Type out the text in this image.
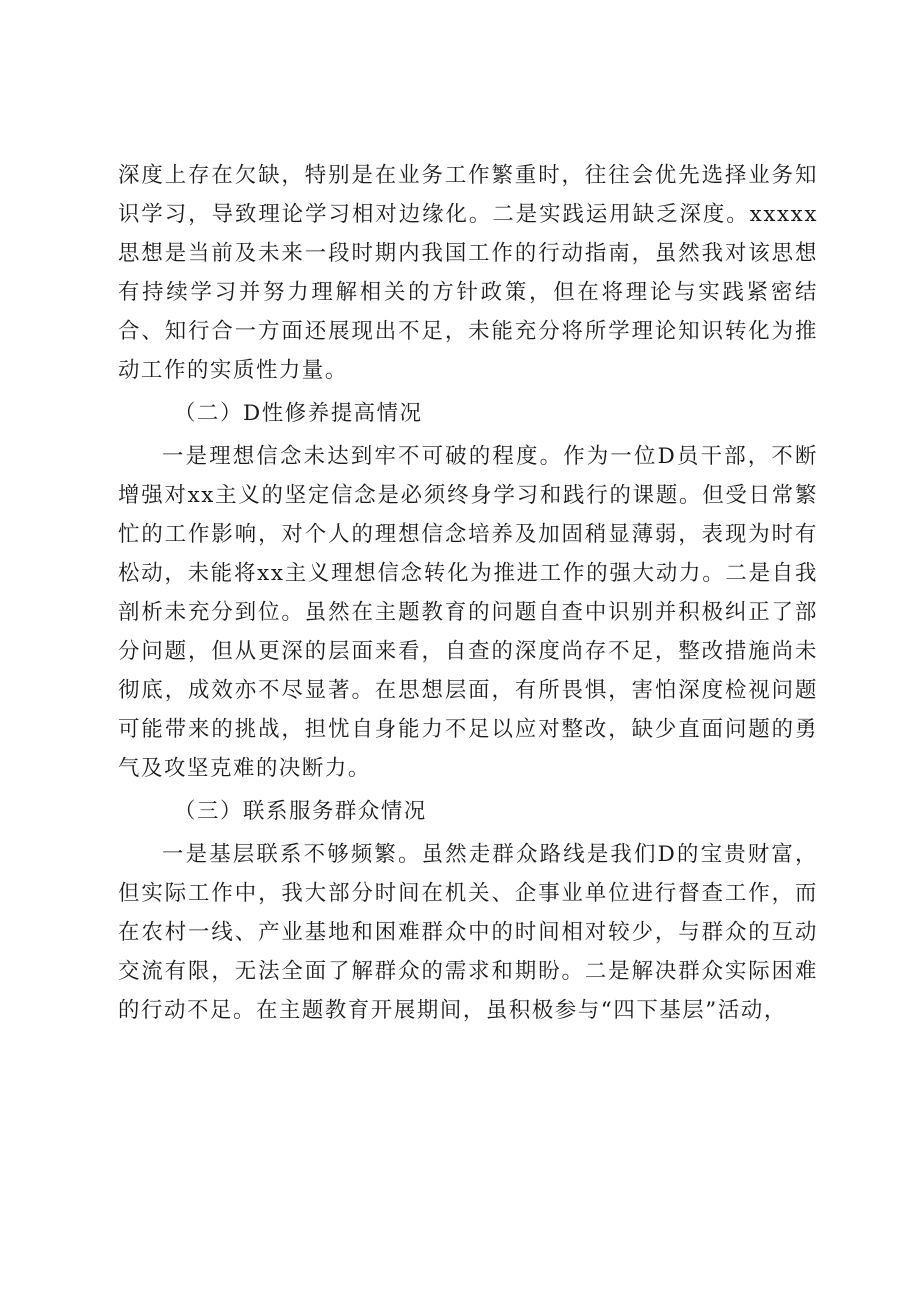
深度上存在欠缺，特别是在业务工作繁重时，往往会优先选择业务知识学习，导致理论学习相对边缘化。二是实践运用缺乏深度。xxxxx思想是当前及未来一段时期内我国工作的行动指南，虽然我对该思想有持续学习并努力理解相关的方针政策，但在将理论与实践紧密结合、知行合一方面还展现出不足，未能充分将所学理论知识转化为推动工作的实质性力量。

（二）D性修养提高情况

一是理想信念未达到牢不可破的程度。作为一位D员干部，不断增强对xx主义的坚定信念是必须终身学习和践行的课题。但受日常繁忙的工作影响，对个人的理想信念培养及加固稍显薄弱，表现为时有松动，未能将xx主义理想信念转化为推进工作的强大动力。二是自我剖析未充分到位。虽然在主题教育的问题自查中识别并积极纠正了部分问题，但从更深的层面来看，自查的深度尚存不足，整改措施尚未彻底，成效亦不尽显著。在思想层面，有所畏惧，害怕深度检视问题可能带来的挑战，担忧自身能力不足以应对整改，缺少直面问题的勇气及攻坚克难的决断力。

（三）联系服务群众情况

一是基层联系不够频繁。虽然走群众路线是我们D的宝贵财富，但实际工作中，我大部分时间在机关、企事业单位进行督查工作，而在农村一线、产业基地和困难群众中的时间相对较少，与群众的互动交流有限，无法全面了解群众的需求和期盼。二是解决群众实际困难的行动不足。在主题教育开展期间，虽积极参与“四下基层”活动，
